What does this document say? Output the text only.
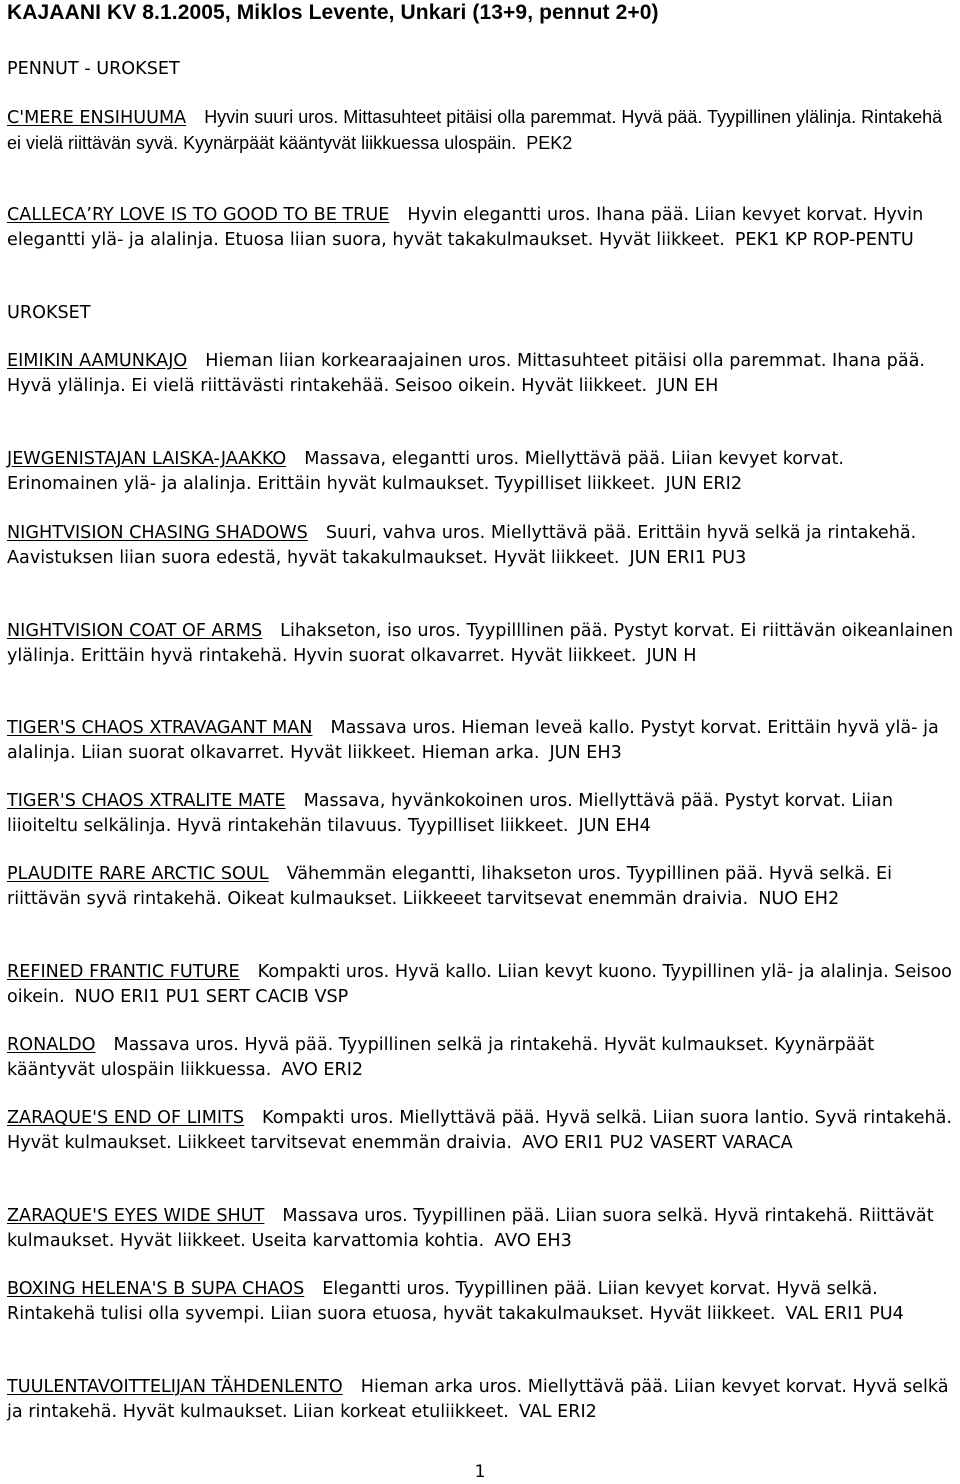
KAJAANI KV 8.1.2005, Miklos Levente, Unkari (13+9, pennut 2+0)

PENNUT - UROKSET

C'MERE ENSIHUUMA Hyvin suuri uros. Mittasuhteet pitäisi olla paremmat. Hyvä pää. Tyypillinen ylälinja. Rintakehä ei vielä riittävän syvä. Kyynärpäät kääntyvät liikkuessa ulospäin. PEK2

CALLECA’RY LOVE IS TO GOOD TO BE TRUE Hyvin elegantti uros. Ihana pää. Liian kevyet korvat. Hyvin elegantti ylä- ja alalinja. Etuosa liian suora, hyvät takakulmaukset. Hyvät liikkeet. PEK1 KP ROP-PENTU

UROKSET

EIMIKIN AAMUNKAJO Hieman liian korkearaajainen uros. Mittasuhteet pitäisi olla paremmat. Ihana pää. Hyvä ylälinja. Ei vielä riittävästi rintakehää. Seisoo oikein. Hyvät liikkeet. JUN EH

JEWGENISTAJAN LAISKA-JAAKKO Massava, elegantti uros. Miellyttävä pää. Liian kevyet korvat. Erinomainen ylä- ja alalinja. Erittäin hyvät kulmaukset. Tyypilliset liikkeet. JUN ERI2

NIGHTVISION CHASING SHADOWS Suuri, vahva uros. Miellyttävä pää. Erittäin hyvä selkä ja rintakehä. Aavistuksen liian suora edestä, hyvät takakulmaukset. Hyvät liikkeet. JUN ERI1 PU3

NIGHTVISION COAT OF ARMS Lihakseton, iso uros. Tyypilllinen pää. Pystyt korvat. Ei riittävän oikeanlainen ylälinja. Erittäin hyvä rintakehä. Hyvin suorat olkavarret. Hyvät liikkeet. JUN H

TIGER'S CHAOS XTRAVAGANT MAN Massava uros. Hieman leveä kallo. Pystyt korvat. Erittäin hyvä ylä- ja alalinja. Liian suorat olkavarret. Hyvät liikkeet. Hieman arka. JUN EH3

TIGER'S CHAOS XTRALITE MATE Massava, hyvänkokoinen uros. Miellyttävä pää. Pystyt korvat. Liian liioiteltu selkälinja. Hyvä rintakehän tilavuus. Tyypilliset liikkeet. JUN EH4

PLAUDITE RARE ARCTIC SOUL Vähemmän elegantti, lihakseton uros. Tyypillinen pää. Hyvä selkä. Ei riittävän syvä rintakehä. Oikeat kulmaukset. Liikkeeet tarvitsevat enemmän draivia. NUO EH2

REFINED FRANTIC FUTURE Kompakti uros. Hyvä kallo. Liian kevyt kuono. Tyypillinen ylä- ja alalinja. Seisoo oikein. NUO ERI1 PU1 SERT CACIB VSP

RONALDO Massava uros. Hyvä pää. Tyypillinen selkä ja rintakehä. Hyvät kulmaukset. Kyynärpäät kääntyvät ulospäin liikkuessa. AVO ERI2

ZARAQUE'S END OF LIMITS Kompakti uros. Miellyttävä pää. Hyvä selkä. Liian suora lantio. Syvä rintakehä. Hyvät kulmaukset. Liikkeet tarvitsevat enemmän draivia. AVO ERI1 PU2 VASERT VARACA

ZARAQUE'S EYES WIDE SHUT Massava uros. Tyypillinen pää. Liian suora selkä. Hyvä rintakehä. Riittävät kulmaukset. Hyvät liikkeet. Useita karvattomia kohtia. AVO EH3

BOXING HELENA'S B SUPA CHAOS Elegantti uros. Tyypillinen pää. Liian kevyet korvat. Hyvä selkä. Rintakehä tulisi olla syvempi. Liian suora etuosa, hyvät takakulmaukset. Hyvät liikkeet. VAL ERI1 PU4

TUULENTAVOITTELIJAN TÄHDENLENTO Hieman arka uros. Miellyttävä pää. Liian kevyet korvat. Hyvä selkä ja rintakehä. Hyvät kulmaukset. Liian korkeat etuliikkeet. VAL ERI2

1
